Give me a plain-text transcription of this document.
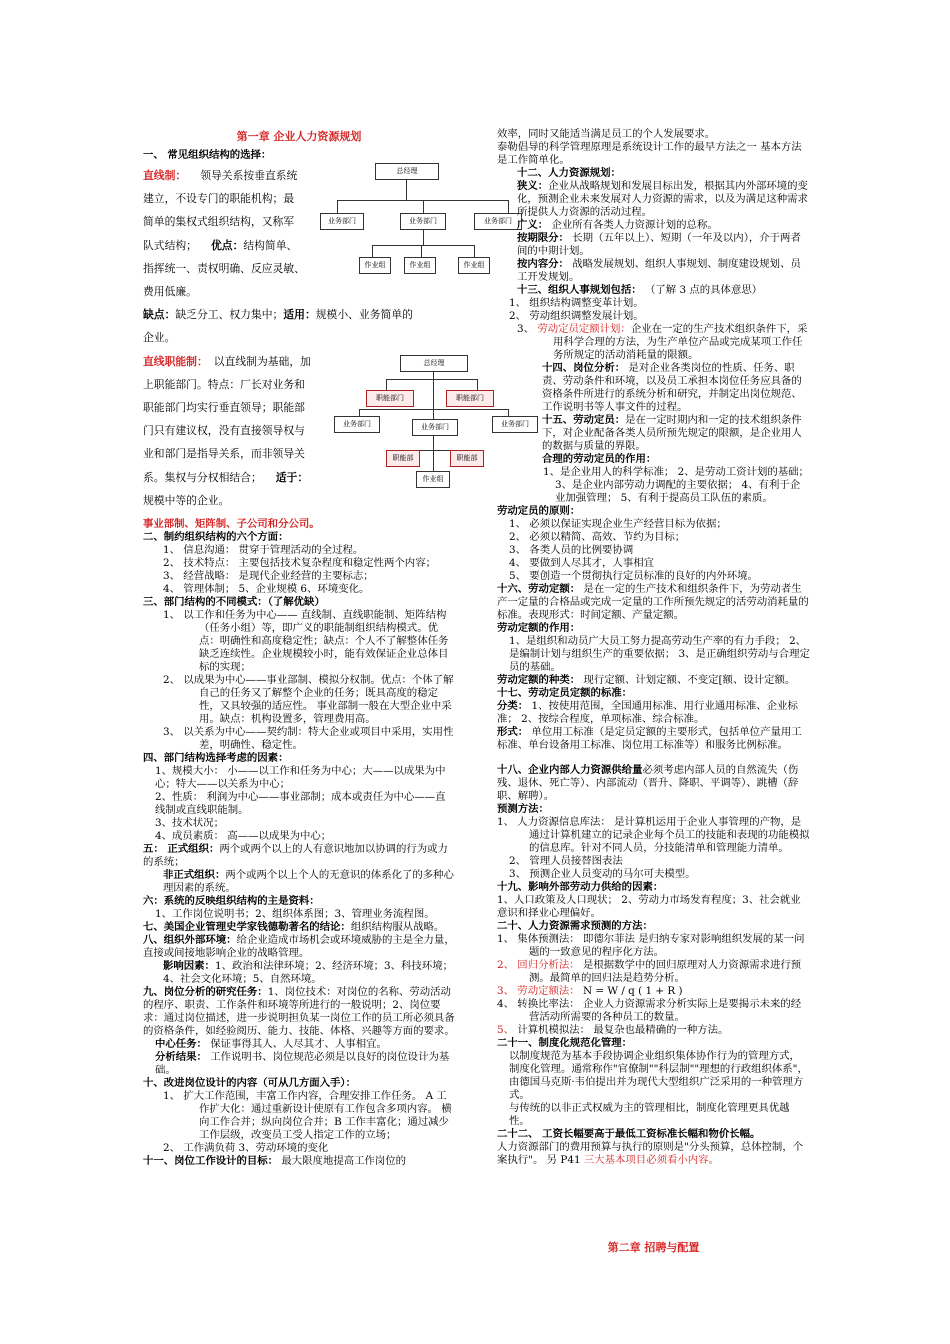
第一章 企业人力资源规划

一、 常见组织结构的选择：

直线制： 领导关系按垂直系统

建立，不设专门的职能机构；最

简单的集权式组织结构，又称军

队式结构； 优点：结构简单、

指挥统一、责权明确、反应灵敏、

费用低廉。

缺点：缺乏分工、权力集中；适用：规模小、业务简单的

企业。

直线职能制： 以直线制为基础，加

上职能部门。特点：厂长对业务和

职能部门均实行垂直领导；职能部

门只有建议权，没有直接领导权与

业和部门是指导关系，而非领导关

系。集权与分权相结合； 适于：

规模中等的企业。

事业部制、矩阵制、子公司和分公司。

二、制约组织结构的六个方面：

1、 信息沟通： 贯穿于管理活动的全过程。

2、 技术特点： 主要包括技术复杂程度和稳定性两个内容；

3、 经营战略： 是现代企业经营的主要标志；

4、 管理体制； 5、企业规模 6、环境变化。

三、部门结构的不同模式：（了解优缺）

1、 以工作和任务为中心—— 直线制、直线职能制、矩阵结构（任务小组）等，即广义的职能制组织结构模式。优点：明确性和高度稳定性；缺点：个人不了解整体任务缺乏连续性。企业规模较小时，能有效保证企业总体目标的实现；

2、 以成果为中心——事业部制、模拟分权制。优点：个体了解自己的任务又了解整个企业的任务；既具高度的稳定性，又具较强的适应性。 事业部制一般在大型企业中采用。缺点：机构设置多，管理费用高。

3、 以关系为中心——契约制：特大企业或项目中采用，实用性差，明确性、稳定性。

四、部门结构选择考虑的因素：

1、规模大小： 小——以工作和任务为中心；大——以成果为中心；特大——以关系为中心；

2、性质： 利润为中心——事业部制；成本或责任为中心——直线制或直线职能制。

3、技术状况；

4、成员素质： 高——以成果为中心；

五： 正式组织：两个或两个以上的人有意识地加以协调的行为或力的系统；

非正式组织：两个或两个以上个人的无意识的体系化了的多种心理因素的系统。

六：系统的反映组织结构的主是资料：

1、工作岗位说明书；2、组织体系图；3、管理业务流程图。

七、美国企业管理史学家钱德勒著名的结论：组织结构服从战略。

八、组织外部环境：给企业造成市场机会或环境威胁的主是全力量，直接或间接地影响企业的战略管理。

影响因素：1、政治和法律环境；2、经济环境；3、科技环境；4、社会文化环境；5、自然环境。

九、岗位分析的研究任务：1、岗位技术：对岗位的名称、劳动活动的程序、职责、工作条件和环境等所进行的一般说明；2、岗位要求：通过岗位描述，进一步说明担负某一岗位工作的员工所必须具备的资格条件，如经验阅历、能力、技能、体格、兴趣等方面的要求。

中心任务： 保证事得其人、人尽其才、人事相宜。

分析结果： 工作说明书、岗位规范必须是以良好的岗位设计为基础。

十、改进岗位设计的内容（可从几方面入手）：

1、 扩大工作范围，丰富工作内容，合理安排工作任务。 A 工作扩大化：通过重新设计使原有工作包含多项内容。 横向工作合并；纵向岗位合并；B 工作丰富化；通过减少工作层级，改变员工受人指定工作的立场；

2、 工作满负荷 3、劳动环境的变化

十一、岗位工作设计的目标： 最大限度地提高工作岗位的

总经理
业务部门	业务部门	业务部门
作业组	作业组	作业组
总经理
职能部门	职能部门
业务部门	业务部门	业务部门
职能部	职能部
作业组

效率，同时又能适当满足员工的个人发展要求。

泰勒倡导的科学管理原理是系统设计工作的最早方法之一 基本方法是工作简单化。

十二、人力资源规划：

狭义：企业从战略规划和发展目标出发，根据其内外部环境的变化，预测企业未来发展对人力资源的需求，以及为满足这种需求所提供人力资源的活动过程。

广义： 企业所有各类人力资源计划的总称。

按期限分： 长期（五年以上）、短期（一年及以内），介于两者间的中期计划。

按内容分： 战略发展规划、组织人事规划、制度建设规划、员工开发规划。

十三、组织人事规划包括： （了解 3 点的具体意思）

1、 组织结构调整变革计划。

2、 劳动组织调整发展计划。

3、 劳动定员定额计划：企业在一定的生产技术组织条件下，采用科学合理的方法，为生产单位产品或完成某项工作任务所规定的活动消耗量的限额。

十四、岗位分析： 是对企业各类岗位的性质、任务、职责、劳动条件和环境，以及员工承担本岗位任务应具备的资格条件所进行的系统分析和研究，并制定出岗位规范、工作说明书等人事文件的过程。

十五、劳动定员：是在一定时期内和一定的技术组织条件下，对企业配备各类人员所预先规定的限额，是企业用人的数据与质量的界限。

合理的劳动定员的作用：

1、是企业用人的科学标准； 2、是劳动工资计划的基础；3、是企业内部劳动力调配的主要依据； 4、有利于企业加强管理； 5、有利于提高员工队伍的素质。

劳动定员的原则：

1、 必须以保证实现企业生产经营目标为依据；

2、 必须以精简、高效、节约为目标；

3、 各类人员的比例要协调

4、 要做到人尽其才，人事相宜

5、 要创造一个贯彻执行定员标准的良好的内外环境。

十六、劳动定额： 是在一定的生产技术和组织条件下，为劳动者生产一定量的合格品或完成一定量的工作所预先规定的活劳动消耗量的标准。表现形式：时间定额、产量定额。

劳动定额的作用：

1、是组织和动员广大员工努力提高劳动生产率的有力手段； 2、是编制计划与组织生产的重要依据； 3、是正确组织劳动与合理定员的基础。

劳动定额的种类： 现行定额、计划定额、不变定[额、设计定额。

十七、劳动定员定额的标准：

分类： 1、按使用范围，全国通用标准、用行业通用标准、企业标准； 2、按综合程度，单项标准、综合标准。

形式： 单位用工标准（是定员定额的主要形式，包括单位产量用工标准、单台设备用工标准、岗位用工标准等）和服务比例标准。

十八、企业内部人力资源供给量必须考虑内部人员的自然流失（伤残、退休、死亡等）、内部流动（晋升、降职、平调等）、跳槽（辞职、解聘）。

预测方法：

1、 人力资源信息库法： 是计算机运用于企业人事管理的产物，是通过计算机建立的记录企业每个员工的技能和表现的功能模拟的信息库。针对不同人员，分技能清单和管理能力清单。

2、 管理人员接替图表法

3、 预测企业人员变动的马尔可夫模型。

十九、影响外部劳动力供给的因素：

1、人口政策及人口现状； 2、劳动力市场发育程度；3、社会就业意识和择业心理偏好。

二十、人力资源需求预测的方法：

1、 集体预测法： 即德尔菲法 是归纳专家对影响组织发展的某一问题的一致意见的程序化方法。

2、 回归分析法： 是根据数学中的回归原理对人力资源需求进行预测。最简单的回归法是趋势分析。

3、 劳动定额法： N = W / q ( 1 + R )

4、 转换比率法： 企业人力资源需求分析实际上是要揭示未来的经营活动所需要的各种员工的数量。

5、 计算机模拟法： 最复杂也最精确的一种方法。

二十一、制度化规范化管理：

以制度规范为基本手段协调企业组织集体协作行为的管理方式，制度化管理。通常称作"官僚制""科层制""理想的行政组织体系"，由德国马克斯·韦伯提出并为现代大型组织广泛采用的一种管理方式。

与传统的以非正式权威为主的管理相比，制度化管理更具优越性。

二十二、 工资长幅要高于最低工资标准长幅和物价长幅。

人力资源部门的费用预算与执行的原则是"分头预算，总体控制，个案执行"。 另 P41 三大基本项目必须看小内容。

第二章 招聘与配置
